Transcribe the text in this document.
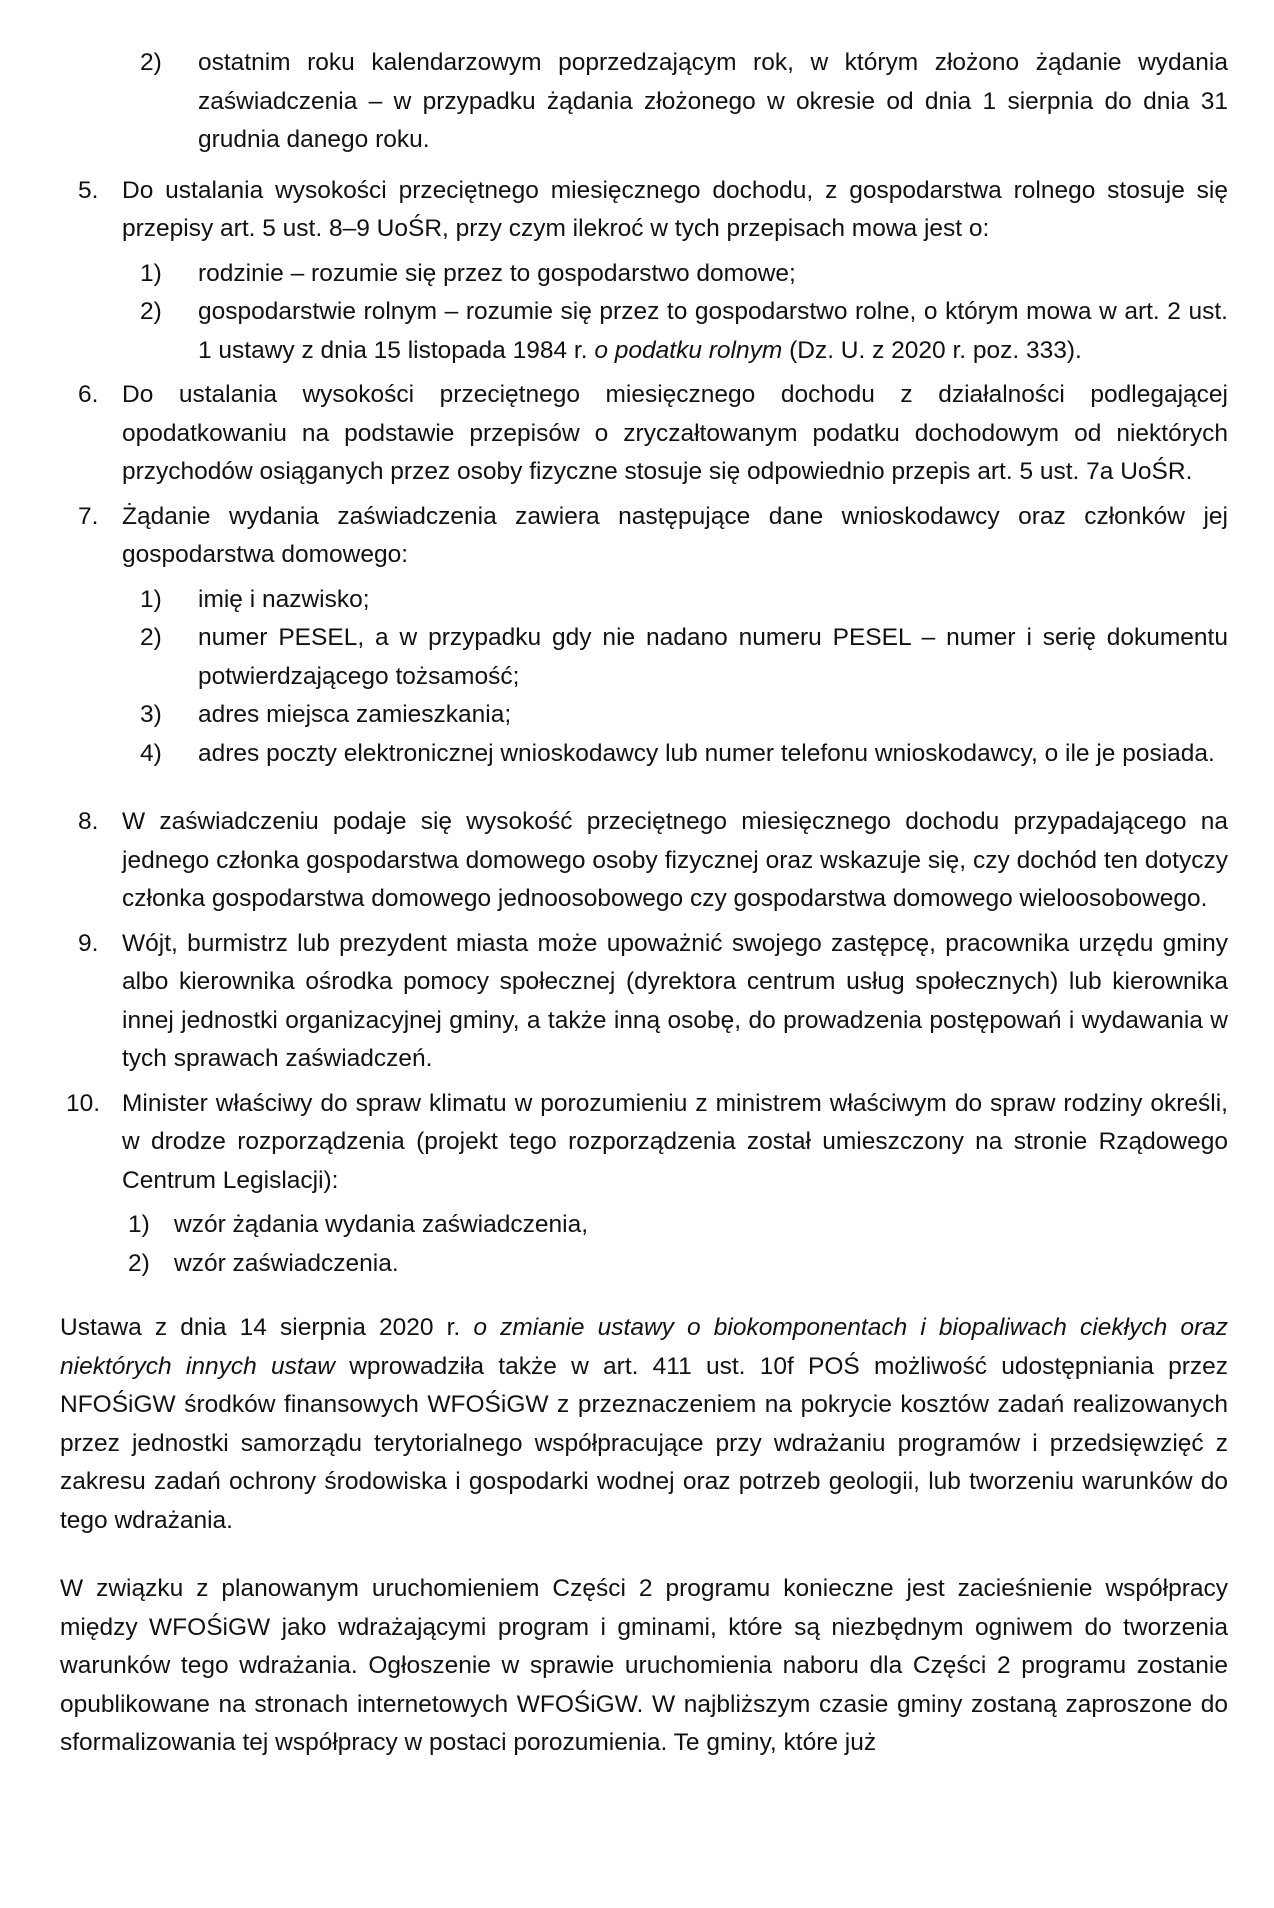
2)	ostatnim roku kalendarzowym poprzedzającym rok, w którym złożono żądanie wydania zaświadczenia – w przypadku żądania złożonego w okresie od dnia 1 sierpnia do dnia 31 grudnia danego roku.
5. Do ustalania wysokości przeciętnego miesięcznego dochodu, z gospodarstwa rolnego stosuje się przepisy art. 5 ust. 8–9 UoŚR, przy czym ilekroć w tych przepisach mowa jest o:
1)	rodzinie – rozumie się przez to gospodarstwo domowe;
2)	gospodarstwie rolnym – rozumie się przez to gospodarstwo rolne, o którym mowa w art. 2 ust. 1 ustawy z dnia 15 listopada 1984 r. o podatku rolnym (Dz. U. z 2020 r. poz. 333).
6. Do ustalania wysokości przeciętnego miesięcznego dochodu z działalności podlegającej opodatkowaniu na podstawie przepisów o zryczałtowanym podatku dochodowym od niektórych przychodów osiąganych przez osoby fizyczne stosuje się odpowiednio przepis art. 5 ust. 7a UoŚR.
7. Żądanie wydania zaświadczenia zawiera następujące dane wnioskodawcy oraz członków jej gospodarstwa domowego:
1)	imię i nazwisko;
2)	numer PESEL, a w przypadku gdy nie nadano numeru PESEL – numer i serię dokumentu potwierdzającego tożsamość;
3)	adres miejsca zamieszkania;
4)	adres poczty elektronicznej wnioskodawcy lub numer telefonu wnioskodawcy, o ile je posiada.
8. W zaświadczeniu podaje się wysokość przeciętnego miesięcznego dochodu przypadającego na jednego członka gospodarstwa domowego osoby fizycznej oraz wskazuje się, czy dochód ten dotyczy członka gospodarstwa domowego jednoosobowego czy gospodarstwa domowego wieloosobowego.
9. Wójt, burmistrz lub prezydent miasta może upoważnić swojego zastępcę, pracownika urzędu gminy albo kierownika ośrodka pomocy społecznej (dyrektora centrum usług społecznych) lub kierownika innej jednostki organizacyjnej gminy, a także inną osobę, do prowadzenia postępowań i wydawania w tych sprawach zaświadczeń.
10. Minister właściwy do spraw klimatu w porozumieniu z ministrem właściwym do spraw rodziny określi, w drodze rozporządzenia (projekt tego rozporządzenia został umieszczony na stronie Rządowego Centrum Legislacji):
1) wzór żądania wydania zaświadczenia,
2) wzór zaświadczenia.

Ustawa z dnia 14 sierpnia 2020 r. o zmianie ustawy o biokomponentach i biopaliwach ciekłych oraz niektórych innych ustaw wprowadziła także w art. 411 ust. 10f POŚ możliwość udostępniania przez NFOŚiGW środków finansowych WFOŚiGW z przeznaczeniem na pokrycie kosztów zadań realizowanych przez jednostki samorządu terytorialnego współpracujące przy wdrażaniu programów i przedsięwzięć z zakresu zadań ochrony środowiska i gospodarki wodnej oraz potrzeb geologii, lub tworzeniu warunków do tego wdrażania.

W związku z planowanym uruchomieniem Części 2 programu konieczne jest zacieśnienie współpracy między WFOŚiGW jako wdrażającymi program i gminami, które są niezbędnym ogniwem do tworzenia warunków tego wdrażania. Ogłoszenie w sprawie uruchomienia naboru dla Części 2 programu zostanie opublikowane na stronach internetowych WFOŚiGW. W najbliższym czasie gminy zostaną zaproszone do sformalizowania tej współpracy w postaci porozumienia. Te gminy, które już
